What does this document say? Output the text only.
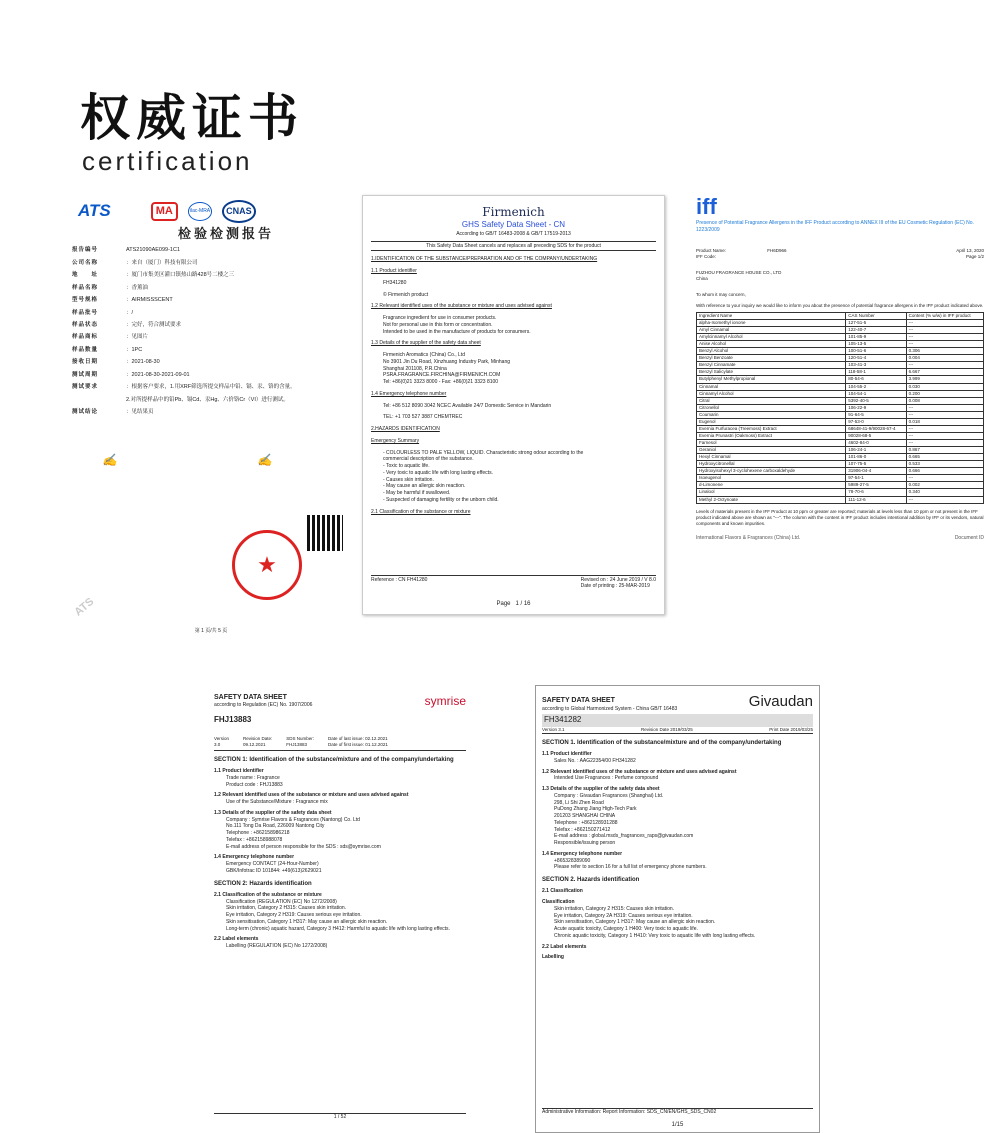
权威证书
certification
ATS	MA	ilac-MRA	CNAS
检验检测报告
报告编号	ATS21090AE099-1C1
公司名称	：来自（厦门）科技有限公司
地　　址	：厦门市集美区灌口镇热山路428号二楼之三
样品名称	：香薰油
型号规格	：AIRMISSSCENT
样品批号	：/
样品状态	：完好，符合测试要求
样品商标	：见图片
样品数量	：1PC
接收日期	：2021-08-30
测试周期	：2021-08-30-2021-09-01
测试要求	：根据客户要求，1.用XRF筛选所提交样品中铅、镉、汞、铬的含量。
2.对所提样品中的铅Pb、镉Cd、汞Hg、六价铬Cr（VI）进行测试。
测试结论	：见结果页
✍	✍
★
ATS
第 1 页/共 5 页
Firmenich
GHS Safety Data Sheet - CN
According to GB/T 16483-2008 & GB/T 17519-2013
This Safety Data Sheet cancels and replaces all preceding SDS for the product
1.IDENTIFICATION OF THE SUBSTANCE/PREPARATION AND OF THE COMPANY/UNDERTAKING
1.1 Product identifier
FH341280
© Firmenich product
1.2 Relevant identified uses of the substance or mixture and uses advised against
Fragrance ingredient for use in consumer products.
Not for personal use in this form or concentration.
Intended to be used in the manufacture of products for consumers.
1.3 Details of the supplier of the safety data sheet
Firmenich Aromatics (China) Co., Ltd
No 3901 Jin Du Road, Xinzhuang Industry Park, Minhang
Shanghai 201108, P.R.China
PSRA.FRAGRANCE.FIRCHINA@FIRMENICH.COM
Tel: +86(0)21 3323 8000 - Fax: +86(0)21 3323 8100
1.4 Emergency telephone number
Tel: +86 512 8090 3042 NCEC Available 24/7 Domestic Service in Mandarin
TEL: +1 703 527 3887 CHEMTREC
2.HAZARDS IDENTIFICATION
Emergency Summary
- COLOURLESS TO PALE YELLOW, LIQUID. Characteristic strong odour according to the
commercial description of the substance.
- Toxic to aquatic life.
- Very toxic to aquatic life with long lasting effects.
- Causes skin irritation.
- May cause an allergic skin reaction.
- May be harmful if swallowed.
- Suspected of damaging fertility or the unborn child.
2.1 Classification of the substance or mixture
Reference : CN FH41280	Revised on : 24 June 2019 / V 8.0
Date of printing : 25-MAR-2019
Page   1 / 16
iff
Presence of Potential Fragrance Allergens in the IFF Product according to ANNEX III of the EU Cosmetic Regulation (EC) No. 1223/2009
Product Name:	FH6D966
IFF Code:
April 13, 2020
Page 1/2
FUZHOU FRAGRANCE HOUSE CO., LTD
China
To whom it may concern,
With reference to your inquiry we would like to inform you about the presence of potential fragrance allergens in the IFF product indicated above.
Ingredient Name	CAS Number	Content (% w/w) in IFF product
alpha-Isomethyl ionone	127-51-5	---
Amyl Cinnamal	122-40-7	---
Amylcinnamyl Alcohol	101-85-9	---
Anise Alcohol	105-13-5	---
Benzyl Alcohol	100-51-6	0.306
Benzyl Benzoate	120-51-4	0.004
Benzyl Cinnamate	103-41-3	---
Benzyl Salicylate	118-58-1	6.667
Butylphenyl Methylpropional	80-54-6	3.999
Cinnamal	104-55-2	0.030
Cinnamyl Alcohol	104-54-1	0.200
Citral	5392-40-5	0.008
Citronellol	106-22-9	---
Coumarin	91-64-5	---
Eugenol	97-53-0	0.018
Evernia Furfuracea (Treemoss) Extract	68648-41-9/90028-67-4	---
Evernia Prunastri (Oakmoss) Extract	90028-68-5	---
Farnesol	4602-84-0	---
Geraniol	106-24-1	0.867
Hexyl Cinnamal	101-86-0	0.665
Hydroxycitronellal	107-75-5	0.533
Hydroxyisohexyl 3-cyclohexene carboxaldehyde	31906-04-4	0.666
Isoeugenol	97-54-1	---
d-Limonene	5989-27-5	0.002
Linalool	78-70-6	0.340
Methyl 2-Octynoate	111-12-6	---
Levels of materials present in the IFF Product at 10 ppm or greater are reported; materials at levels less than 10 ppm or not present in the IFF product indicated above are shown as "---". The column with the content in IFF product includes intentional addition by IFF or its vendors, natural components and known impurities.
International Flavors & Fragrances (China) Ltd.	Document ID
SAFETY DATA SHEET
according to Regulation (EC) No. 1907/2006	symrise
FHJ13883
Version
3.0
Revision Date:
09.12.2021
SDS Number:
FHJ13883
Date of last issue: 02.12.2021
Date of first issue: 01.12.2021
SECTION 1: Identification of the substance/mixture and of the company/undertaking
1.1 Product identifier
Trade name : Fragrance
Product code : FHJ13883
1.2 Relevant identified uses of the substance or mixture and uses advised against
Use of the Substance/Mixture : Fragrance mix
1.3 Details of the supplier of the safety data sheet
Company : Symrise Flavors & Fragrances (Nantong) Co. Ltd
No.111 Tong Da Road, 226009 Nantong City
Telephone : +862158986218
Telefax : +862158988078
E-mail address of person responsible for the SDS : sds@symrise.com
1.4 Emergency telephone number
Emergency CONTACT (24-Hour-Number)
GBK/Infotrac ID 101844: +49(613)2629021
SECTION 2: Hazards identification
2.1 Classification of the substance or mixture
Classification (REGULATION (EC) No 1272/2008)
Skin irritation, Category 2 H315: Causes skin irritation.
Eye irritation, Category 2 H319: Causes serious eye irritation.
Skin sensitisation, Category 1 H317: May cause an allergic skin reaction.
Long-term (chronic) aquatic hazard, Category 3 H412: Harmful to aquatic life with long lasting effects.
2.2 Label elements
Labelling (REGULATION (EC) No 1272/2008)
1 / 52
SAFETY DATA SHEET
according to Global Harmonized System - China GB/T 16483	Givaudan
FH341282
Version 3.1	Revision Date 2019/03/25	Print Date 2019/03/25
SECTION 1. Identification of the substance/mixture and of the company/undertaking
1.1 Product identifier
Sales No. : AAG22354/00 FH341282
1.2 Relevant identified uses of the substance or mixture and uses advised against
Intended Use Fragrances : Perfume compound
1.3 Details of the supplier of the safety data sheet
Company : Givaudan Fragrances (Shanghai) Ltd.
298, Li Shi Zhen Road
PuDong Zhang Jiang High-Tech Park
201203 SHANGHAI CHINA
Telephone : +862128931288
Telefax : +862150271412
E-mail address : global.msds_fragrances_raps@givaudan.com
Responsible/issuing person
1.4 Emergency telephone number
+865328389090
Please refer to section 16 for a full list of emergency phone numbers.
SECTION 2. Hazards identification
2.1 Classification
Classification
Skin irritation, Category 2 H315: Causes skin irritation.
Eye irritation, Category 2A H319: Causes serious eye irritation.
Skin sensitisation, Category 1 H317: May cause an allergic skin reaction.
Acute aquatic toxicity, Category 1 H400: Very toxic to aquatic life.
Chronic aquatic toxicity, Category 1 H410: Very toxic to aquatic life with long lasting effects.
2.2 Label elements
Labelling
Administrative Information: Report Information: SDS_CN/EN/GHS_SDS_CN02
1/15
